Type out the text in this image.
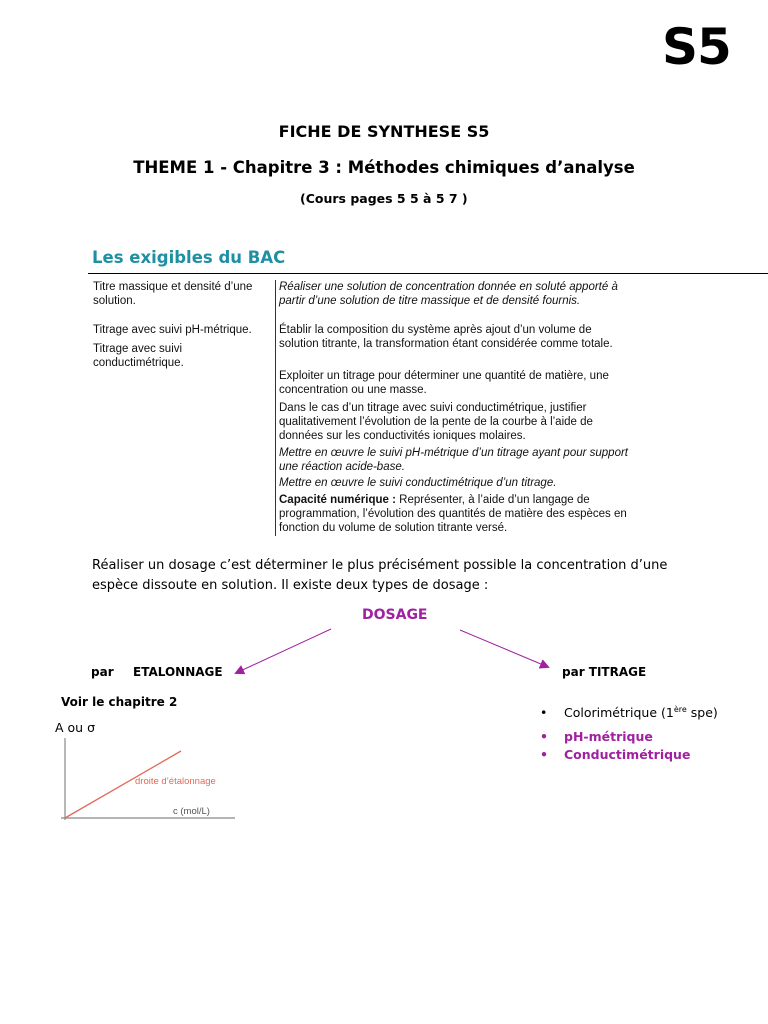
S5
FICHE DE SYNTHESE S5
THEME 1 - Chapitre 3 : Méthodes chimiques d’analyse
(Cours pages 5 5 à 5 7 )
Les exigibles du BAC
Titre massique et densité d’une solution.
Titrage avec suivi pH-métrique.
Titrage avec suivi conductimétrique.
Réaliser une solution de concentration donnée en soluté apporté à partir d’une solution de titre massique et de densité fournis.
Établir la composition du système après ajout d’un volume de solution titrante, la transformation étant considérée comme totale.
Exploiter un titrage pour déterminer une quantité de matière, une concentration ou une masse.
Dans le cas d’un titrage avec suivi conductimétrique, justifier qualitativement l’évolution de la pente de la courbe à l’aide de données sur les conductivités ioniques molaires.
Mettre en œuvre le suivi pH-métrique d’un titrage ayant pour support une réaction acide-base.
Mettre en œuvre le suivi conductimétrique d’un titrage.
Capacité numérique : Représenter, à l’aide d’un langage de programmation, l’évolution des quantités de matière des espèces en fonction du volume de solution titrante versé.
Réaliser un dosage c’est déterminer le plus précisément possible la concentration d’une
espèce dissoute en solution. Il existe deux types de dosage :
DOSAGE
par ETALONNAGE	par TITRAGE
Voir le chapitre 2
• Colorimétrique (1ère spe)
• pH-métrique
• Conductimétrique
A ou σ
droite d’étalonnage
c (mol/L)
